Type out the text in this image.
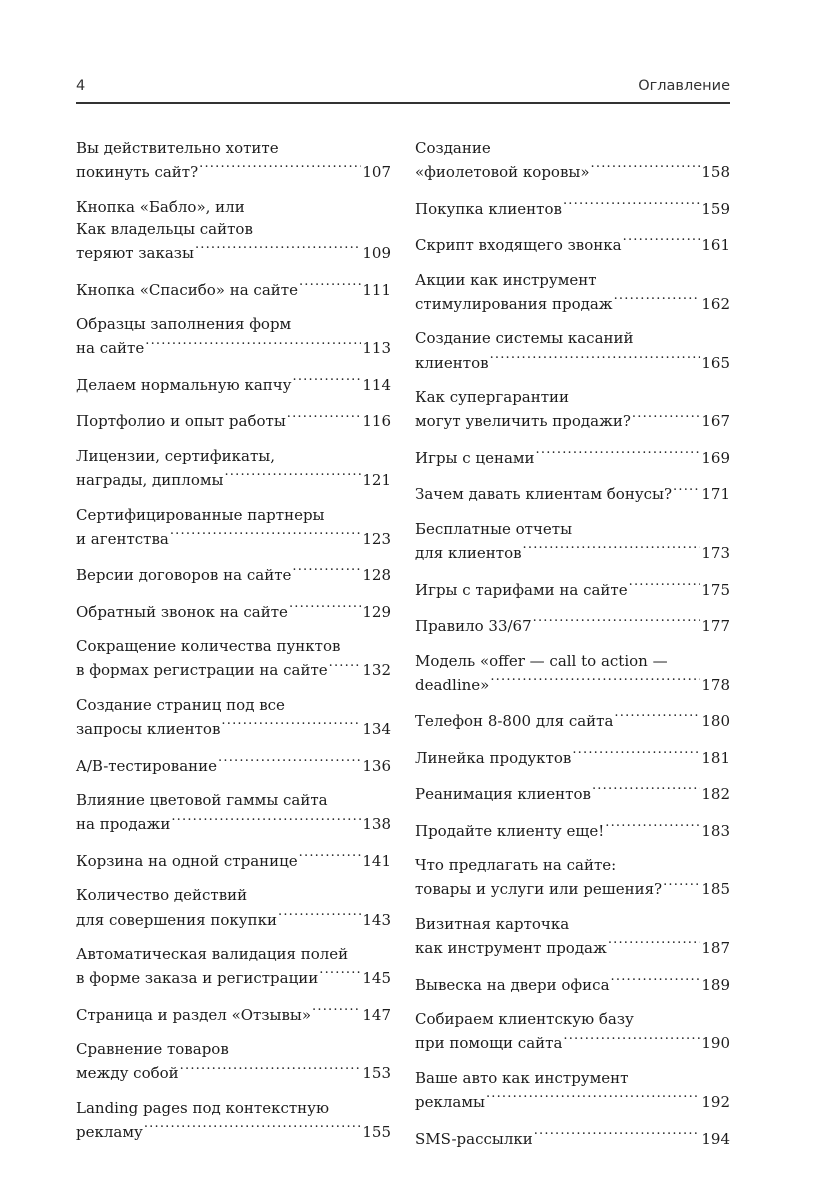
4	Оглавление
Вы действительно хотите
покинуть сайт? .....	107
Кнопка «Бабло», или
Как владельцы сайтов
теряют заказы .....	109
Кнопка «Спасибо» на сайте .....	111
Образцы заполнения форм
на сайте .....	113
Делаем нормальную капчу .....	114
Портфолио и опыт работы .....	116
Лицензии, сертификаты,
награды, дипломы .....	121
Сертифицированные партнеры
и агентства .....	123
Версии договоров на сайте .....	128
Обратный звонок на сайте .....	129
Сокращение количества пунктов
в формах регистрации на сайте ..... 132
Создание страниц под все
запросы клиентов .....	134
A/B-тестирование .....	136
Влияние цветовой гаммы сайта
на продажи .....	138
Корзина на одной странице .....	141
Количество действий
для совершения покупки .....	143
Автоматическая валидация полей
в форме заказа и регистрации .....	145
Страница и раздел «Отзывы» .....	147
Сравнение товаров
между собой .....	153
Landing pages под контекстную
рекламу .....	155
Создание
«фиолетовой коровы» .....	158
Покупка клиентов .....	159
Скрипт входящего звонка .....	161
Акции как инструмент
стимулирования продаж .....	162
Создание системы касаний
клиентов .....	165
Как супергарантии
могут увеличить продажи? .....	167
Игры с ценами .....	169
Зачем давать клиентам бонусы? ..... 171
Бесплатные отчеты
для клиентов .....	173
Игры с тарифами на сайте .....	175
Правило 33/67 .....	177
Модель «offer — call to action —
deadline» .....	178
Телефон 8-800 для сайта .....	180
Линейка продуктов .....	181
Реанимация клиентов .....	182
Продайте клиенту еще! .....	183
Что предлагать на сайте:
товары и услуги или решения? .....	185
Визитная карточка
как инструмент продаж .....	187
Вывеска на двери офиса .....	189
Собираем клиентскую базу
при помощи сайта .....	190
Ваше авто как инструмент
рекламы .....	192
SMS-рассылки .....	194
